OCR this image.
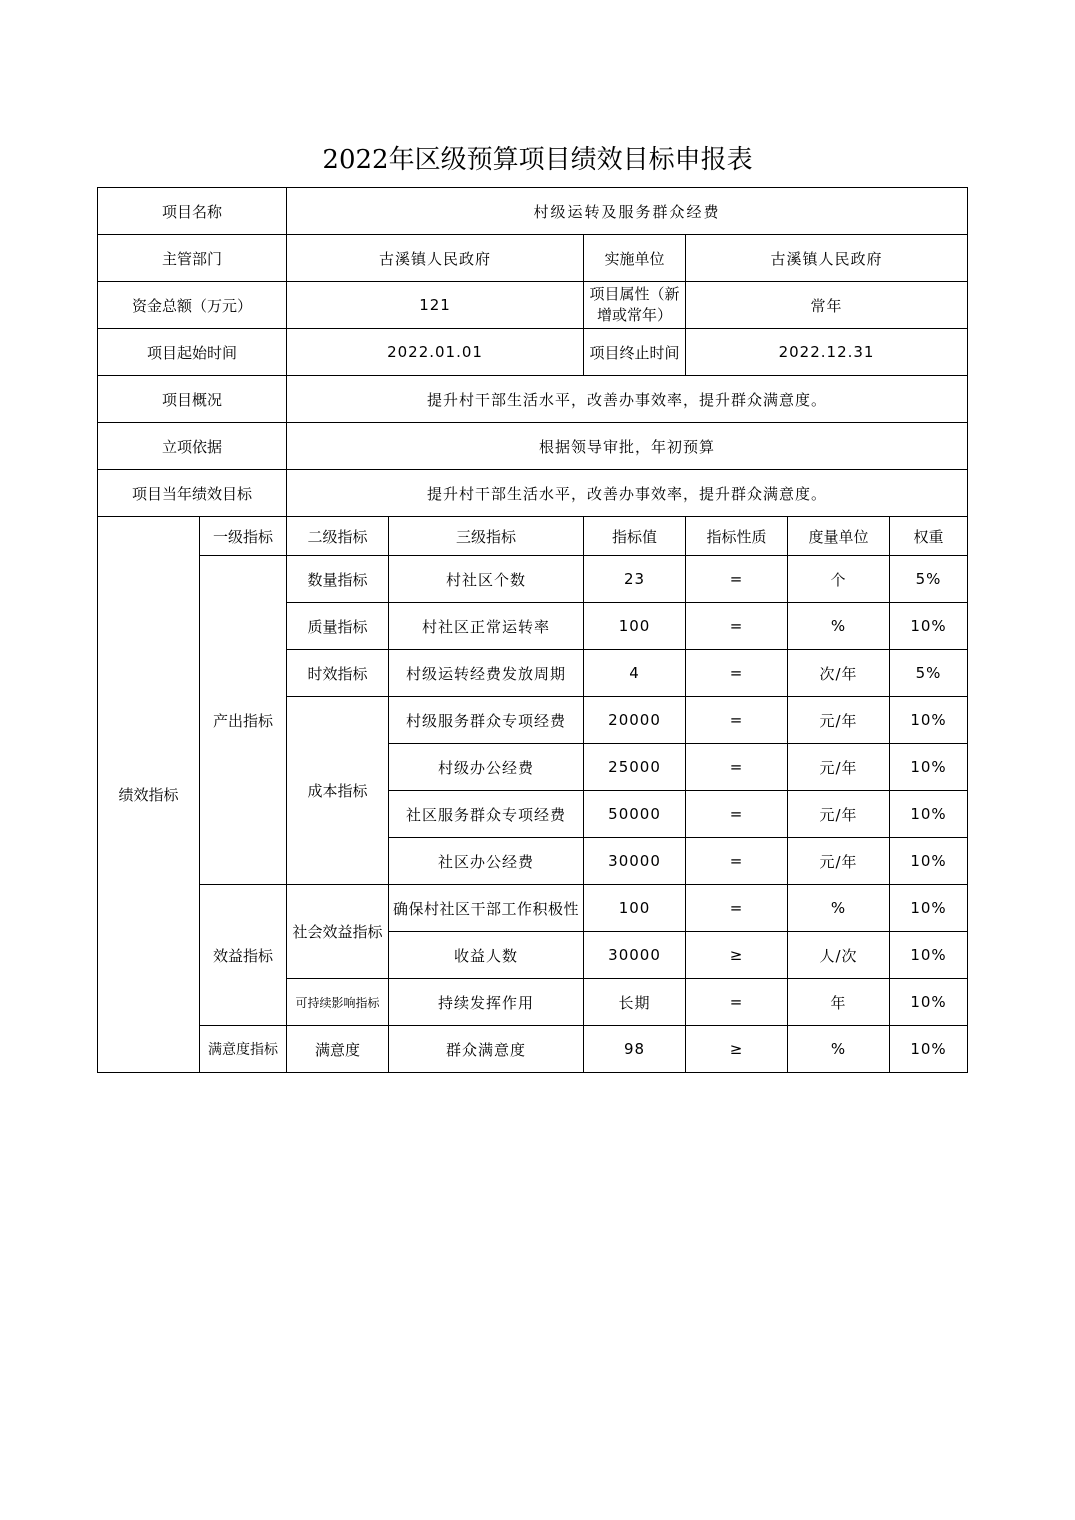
2022年区级预算项目绩效目标申报表
项目名称		村级运转及服务群众经费					
主管部门		古溪镇人民政府		实施单位	古溪镇人民政府		
资金总额（万元）		121		项目属性（新增或常年）	常年		
项目起始时间		2022.01.01		项目终止时间	2022.12.31		
项目概况		提升村干部生活水平，改善办事效率，提升群众满意度。					
立项依据		根据领导审批，年初预算					
项目当年绩效目标		提升村干部生活水平，改善办事效率，提升群众满意度。					
绩效指标	一级指标	二级指标	三级指标	指标值	指标性质	度量单位	权重
	产出指标	数量指标	村社区个数	23	=	个	5%
		质量指标	村社区正常运转率	100	=	%	10%
		时效指标	村级运转经费发放周期	4	=	次/年	5%
		成本指标	村级服务群众专项经费	20000	=	元/年	10%
			村级办公经费	25000	=	元/年	10%
			社区服务群众专项经费	50000	=	元/年	10%
			社区办公经费	30000	=	元/年	10%
	效益指标	社会效益指标	确保村社区干部工作积极性	100	=	%	10%
			收益人数	30000	≥	人/次	10%
		可持续影响指标	持续发挥作用	长期	=	年	10%
	满意度指标	满意度	群众满意度	98	≥	%	10%
